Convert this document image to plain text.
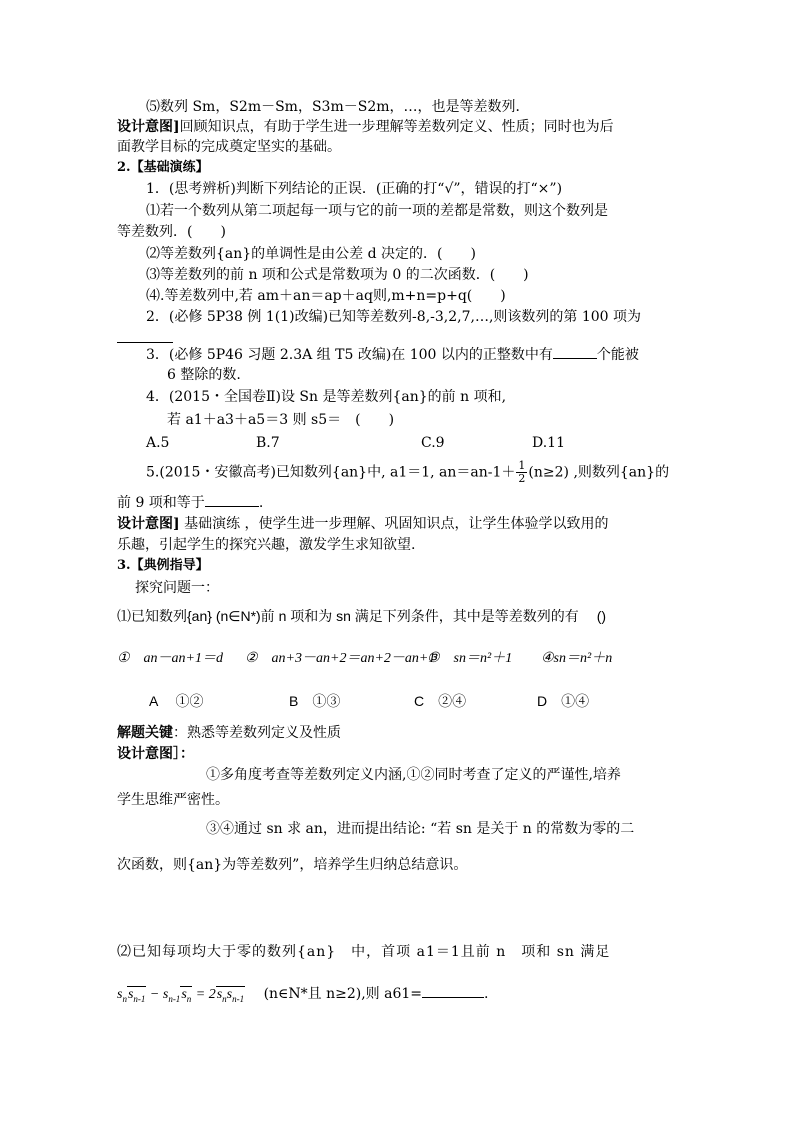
⑸数列 Sm，S2m－Sm，S3m－S2m，…，也是等差数列．
设计意图]回顾知识点，有助于学生进一步理解等差数列定义、性质；同时也为后
面教学目标的完成奠定坚实的基础。
2.【基础演练】
1．(思考辨析)判断下列结论的正误．(正确的打“√”，错误的打“×”)
⑴若一个数列从第二项起每一项与它的前一项的差都是常数，则这个数列是
等差数列．(　　)
⑵等差数列{an}的单调性是由公差 d 决定的．(　　)
⑶等差数列的前 n 项和公式是常数项为 0 的二次函数．(　　)
⑷.等差数列中,若 am＋an＝ap＋aq则,m+n=p+q(　　)
2．(必修 5P38 例 1(1)改编)已知等差数列-8,-3,2,7,…,则该数列的第 100 项为
3．(必修 5P46 习题 2.3A 组 T5 改编)在 100 以内的正整数中有	个能被
6 整除的数.
4．(2015・全国卷Ⅱ)设 Sn 是等差数列{an}的前 n 项和,
若 a1＋a3＋a5＝3 则 s5＝　(　　)
A.5	B.7	C.9	D.11
5.(2015・安徽高考)已知数列{an}中, a1＝1, $an=an-1+ \frac{1}{2} (n\ge 2)$ ,则数列{an}的
前 9 项和等于	.
设计意图] 基础演练 ，使学生进一步理解、巩固知识点，让学生体验学以致用的
乐趣，引起学生的探究兴趣，激发学生求知欲望.
3.【典例指导】
探究问题一：
⑴已知数列{an} (n∈N*)前 n 项和为 sn 满足下列条件，其中是等差数列的有　 ()
①　an－an+1＝d ②　an+3－an+2＝an+2－an+1
③　sn＝n²＋1 ④sn＝n²＋n
A　 ①②	B　①③	C　②④	D　①④
解题关键：熟悉等差数列定义及性质
设计意图］：
①多角度考查等差数列定义内涵,①②同时考查了定义的严谨性,培养
学生思维严密性。
③④通过 sn 求 an，进而提出结论: “若 sn 是关于 n 的常数为零的二
次函数，则{an}为等差数列”，培养学生归纳总结意识。
⑵已知每项均大于零的数列{an}　中，首项 a1＝1且前 n　项和 sn 满足
$s_ns_{n-1} - s_{n-1}s_n = 2s_ns_{n-1}$ (n∈N*且 n≥2),则 a61=	.
